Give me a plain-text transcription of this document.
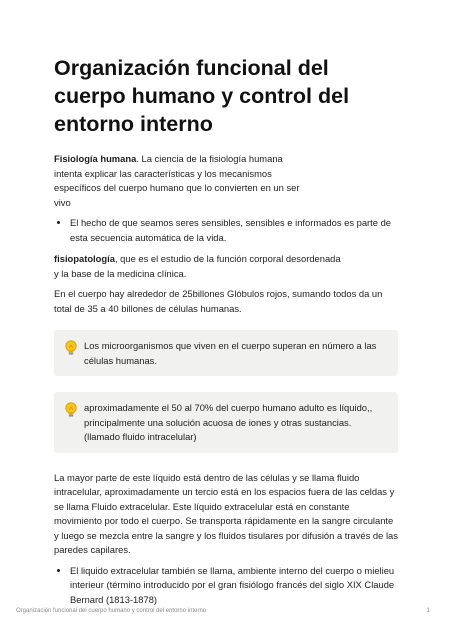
Organización funcional del cuerpo humano y control del entorno interno

Fisiología humana. La ciencia de la fisiología humana intenta explicar las características y los mecanismos específicos del cuerpo humano que lo convierten en un ser vivo

• El hecho de que seamos seres sensibles, sensibles e informados es parte de esta secuencia automática de la vida.

fisiopatología, que es el estudio de la función corporal desordenada y la base de la medicina clínica.

En el cuerpo hay alrededor de 25billones Glóbulos rojos, sumando todos da un total de 35 a 40 billones de células humanas.

Los microorganismos que viven en el cuerpo superan en número a las células humanas.
aproximadamente el 50 al 70% del cuerpo humano adulto es líquido,, principalmente una solución acuosa de iones y otras sustancias. (llamado fluido intracelular)

La mayor parte de este líquido está dentro de las células y se llama fluido intracelular, aproximadamente un tercio está en los espacios fuera de las celdas y se llama Fluido extracelular. Este líquido extracelular está en constante movimiento por todo el cuerpo. Se transporta rápidamente en la sangre circulante y luego se mezcla entre la sangre y los fluidos tisulares por difusión a través de las paredes capilares.

• El liquido extracelular también se llama, ambiente interno del cuerpo o mielieu interieur (término introducido por el gran fisiólogo francés del siglo XIX Claude Bernard (1813-1878)
Organización funcional del cuerpo humano y control del entorno interno	1
